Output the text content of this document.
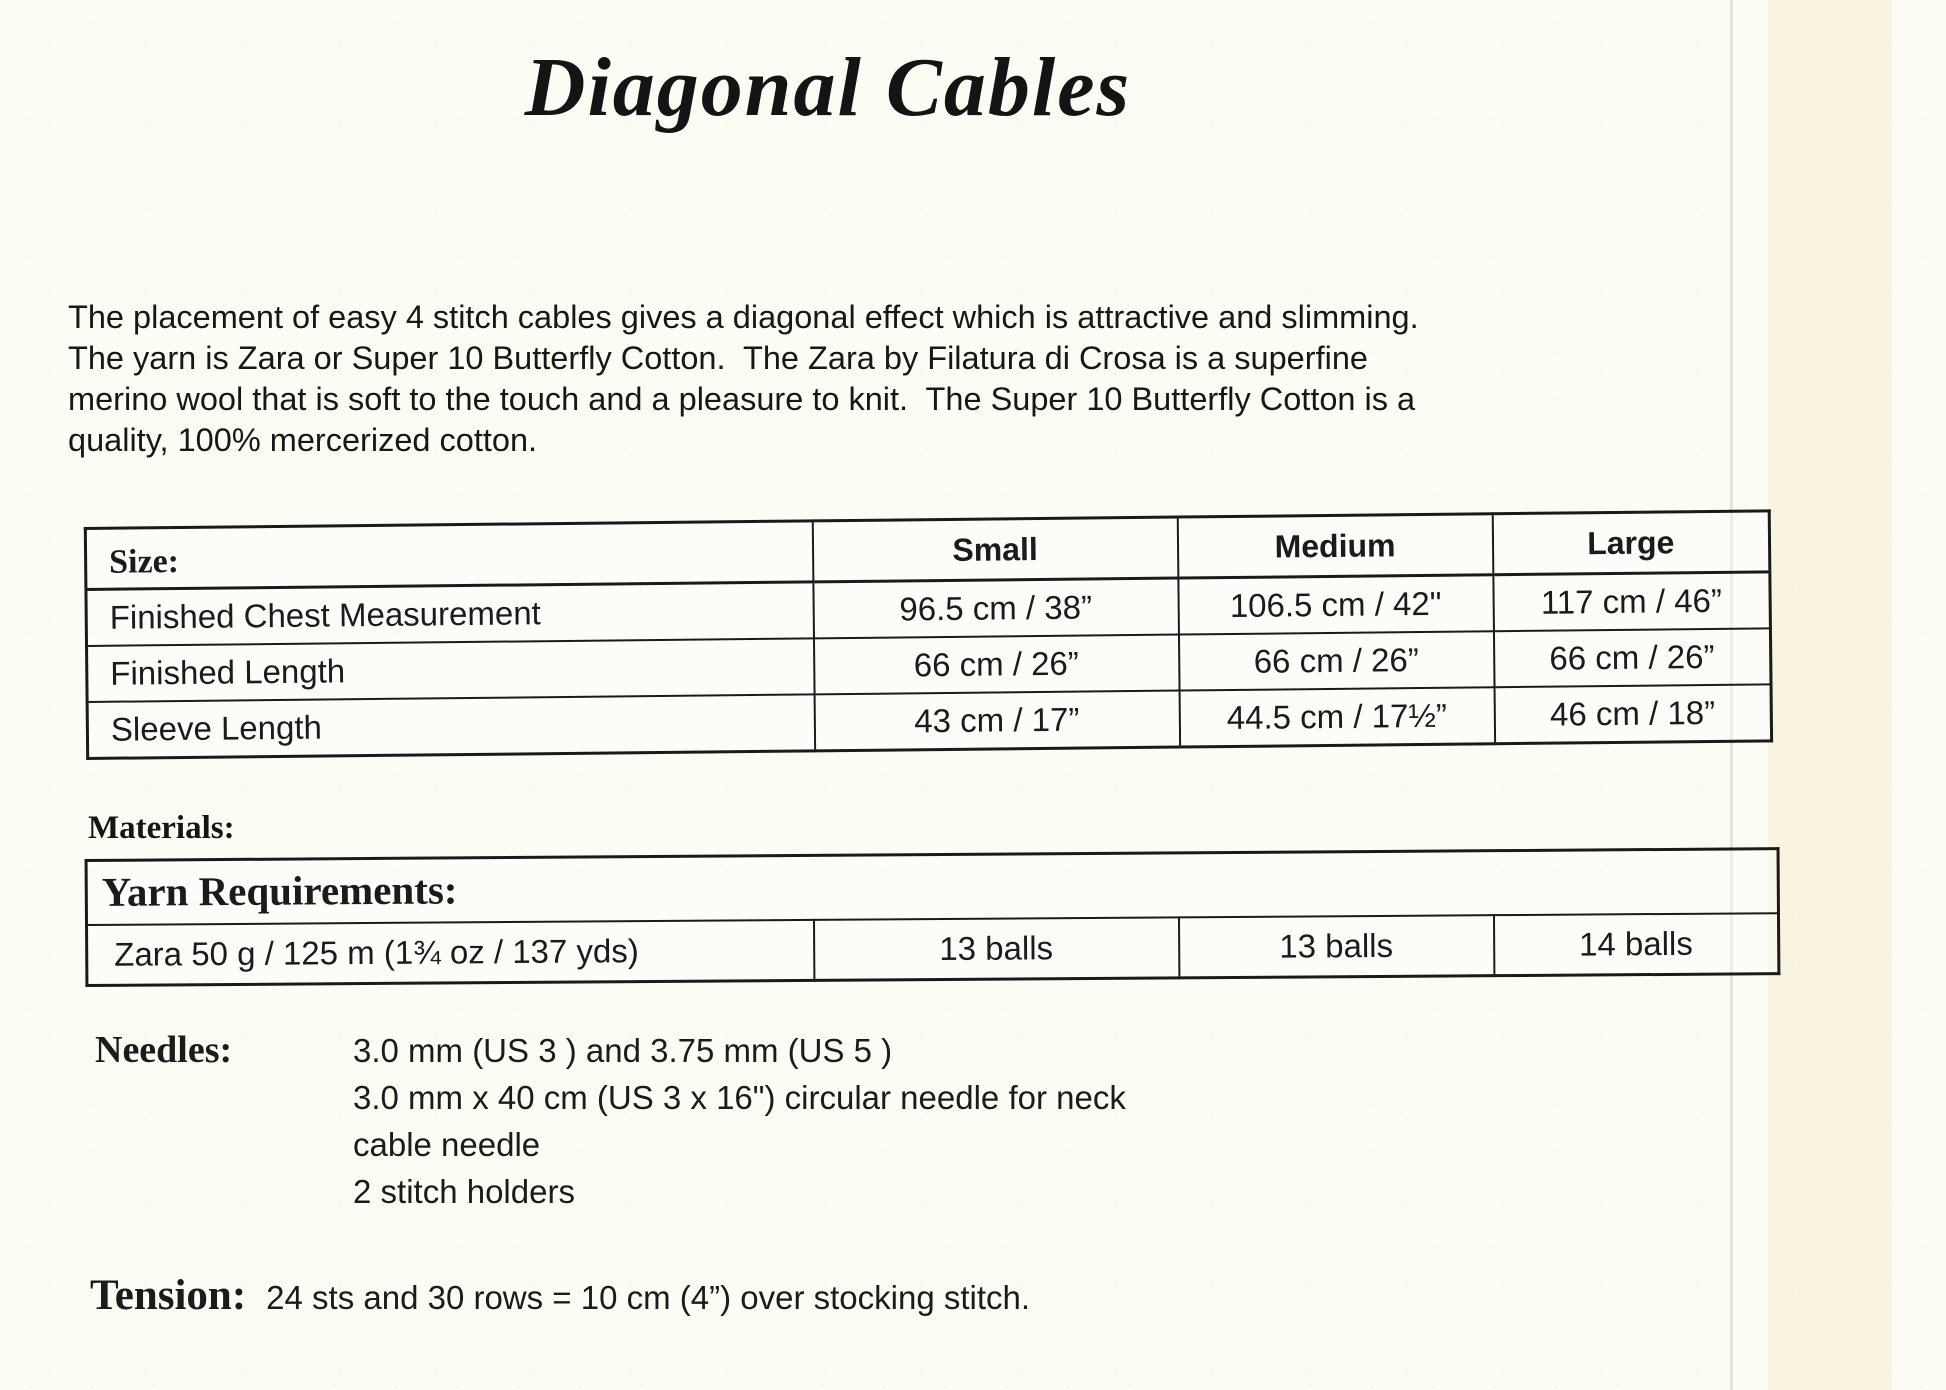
Diagonal Cables
The placement of easy 4 stitch cables gives a diagonal effect which is attractive and slimming.
The yarn is Zara or Super 10 Butterfly Cotton.  The Zara by Filatura di Crosa is a superfine
merino wool that is soft to the touch and a pleasure to knit.  The Super 10 Butterfly Cotton is a
quality, 100% mercerized cotton.
Size:	Small	Medium	Large
Finished Chest Measurement	96.5 cm / 38”	106.5 cm / 42"	117 cm / 46”
Finished Length	66 cm / 26”	66 cm / 26”	66 cm / 26”
Sleeve Length	43 cm / 17”	44.5 cm / 17½”	46 cm / 18”
Materials:
Yarn Requirements:
Zara 50 g / 125 m (1¾ oz / 137 yds)	13 balls	13 balls	14 balls
Needles:	3.0 mm (US 3 ) and 3.75 mm (US 5 )
3.0 mm x 40 cm (US 3 x 16") circular needle for neck
cable needle
2 stitch holders
Tension: 24 sts and 30 rows = 10 cm (4”) over stocking stitch.
